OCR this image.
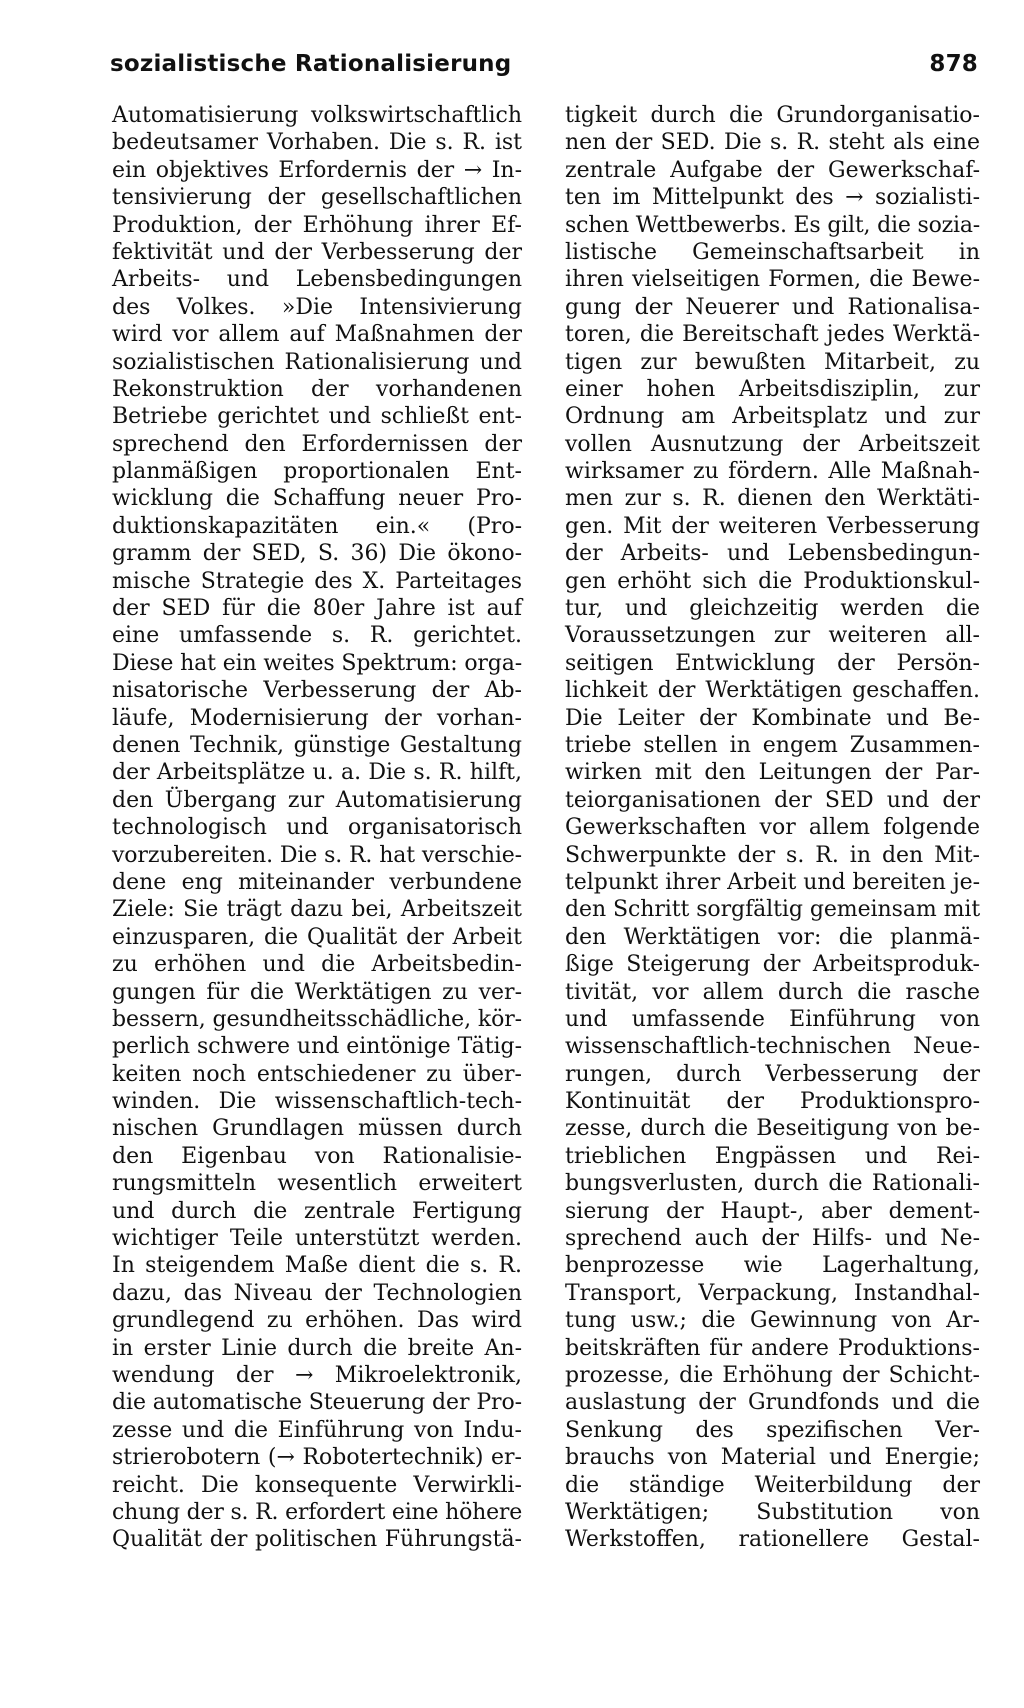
sozialistische Rationalisierung	878
Automatisierung volkswirtschaftlich
bedeutsamer Vorhaben. Die s. R. ist
ein objektives Erfordernis der → In-
tensivierung der gesellschaftlichen
Produktion, der Erhöhung ihrer Ef-
fektivität und der Verbesserung der
Arbeits- und Lebensbedingungen
des Volkes. »Die Intensivierung
wird vor allem auf Maßnahmen der
sozialistischen Rationalisierung und
Rekonstruktion der vorhandenen
Betriebe gerichtet und schließt ent-
sprechend den Erfordernissen der
planmäßigen proportionalen Ent-
wicklung die Schaffung neuer Pro-
duktionskapazitäten ein.« (Pro-
gramm der SED, S. 36) Die ökono-
mische Strategie des X. Parteitages
der SED für die 80er Jahre ist auf
eine umfassende s. R. gerichtet.
Diese hat ein weites Spektrum: orga-
nisatorische Verbesserung der Ab-
läufe, Modernisierung der vorhan-
denen Technik, günstige Gestaltung
der Arbeitsplätze u. a. Die s. R. hilft,
den Übergang zur Automatisierung
technologisch und organisatorisch
vorzubereiten. Die s. R. hat verschie-
dene eng miteinander verbundene
Ziele: Sie trägt dazu bei, Arbeitszeit
einzusparen, die Qualität der Arbeit
zu erhöhen und die Arbeitsbedin-
gungen für die Werktätigen zu ver-
bessern, gesundheitsschädliche, kör-
perlich schwere und eintönige Tätig-
keiten noch entschiedener zu über-
winden. Die wissenschaftlich-tech-
nischen Grundlagen müssen durch
den Eigenbau von Rationalisie-
rungsmitteln wesentlich erweitert
und durch die zentrale Fertigung
wichtiger Teile unterstützt werden.
In steigendem Maße dient die s. R.
dazu, das Niveau der Technologien
grundlegend zu erhöhen. Das wird
in erster Linie durch die breite An-
wendung der → Mikroelektronik,
die automatische Steuerung der Pro-
zesse und die Einführung von Indu-
strierobotern (→ Robotertechnik) er-
reicht. Die konsequente Verwirkli-
chung der s. R. erfordert eine höhere
Qualität der politischen Führungstä-
tigkeit durch die Grundorganisatio-
nen der SED. Die s. R. steht als eine
zentrale Aufgabe der Gewerkschaf-
ten im Mittelpunkt des → sozialisti-
schen Wettbewerbs. Es gilt, die sozia-
listische Gemeinschaftsarbeit in
ihren vielseitigen Formen, die Bewe-
gung der Neuerer und Rationalisa-
toren, die Bereitschaft jedes Werktä-
tigen zur bewußten Mitarbeit, zu
einer hohen Arbeitsdisziplin, zur
Ordnung am Arbeitsplatz und zur
vollen Ausnutzung der Arbeitszeit
wirksamer zu fördern. Alle Maßnah-
men zur s. R. dienen den Werktäti-
gen. Mit der weiteren Verbesserung
der Arbeits- und Lebensbedingun-
gen erhöht sich die Produktionskul-
tur, und gleichzeitig werden die
Voraussetzungen zur weiteren all-
seitigen Entwicklung der Persön-
lichkeit der Werktätigen geschaffen.
Die Leiter der Kombinate und Be-
triebe stellen in engem Zusammen-
wirken mit den Leitungen der Par-
teiorganisationen der SED und der
Gewerkschaften vor allem folgende
Schwerpunkte der s. R. in den Mit-
telpunkt ihrer Arbeit und bereiten je-
den Schritt sorgfältig gemeinsam mit
den Werktätigen vor: die planmä-
ßige Steigerung der Arbeitsproduk-
tivität, vor allem durch die rasche
und umfassende Einführung von
wissenschaftlich-technischen Neue-
rungen, durch Verbesserung der
Kontinuität der Produktionspro-
zesse, durch die Beseitigung von be-
trieblichen Engpässen und Rei-
bungsverlusten, durch die Rationali-
sierung der Haupt-, aber dement-
sprechend auch der Hilfs- und Ne-
benprozesse wie Lagerhaltung,
Transport, Verpackung, Instandhal-
tung usw.; die Gewinnung von Ar-
beitskräften für andere Produktions-
prozesse, die Erhöhung der Schicht-
auslastung der Grundfonds und die
Senkung des spezifischen Ver-
brauchs von Material und Energie;
die ständige Weiterbildung der
Werktätigen; Substitution von
Werkstoffen, rationellere Gestal-
